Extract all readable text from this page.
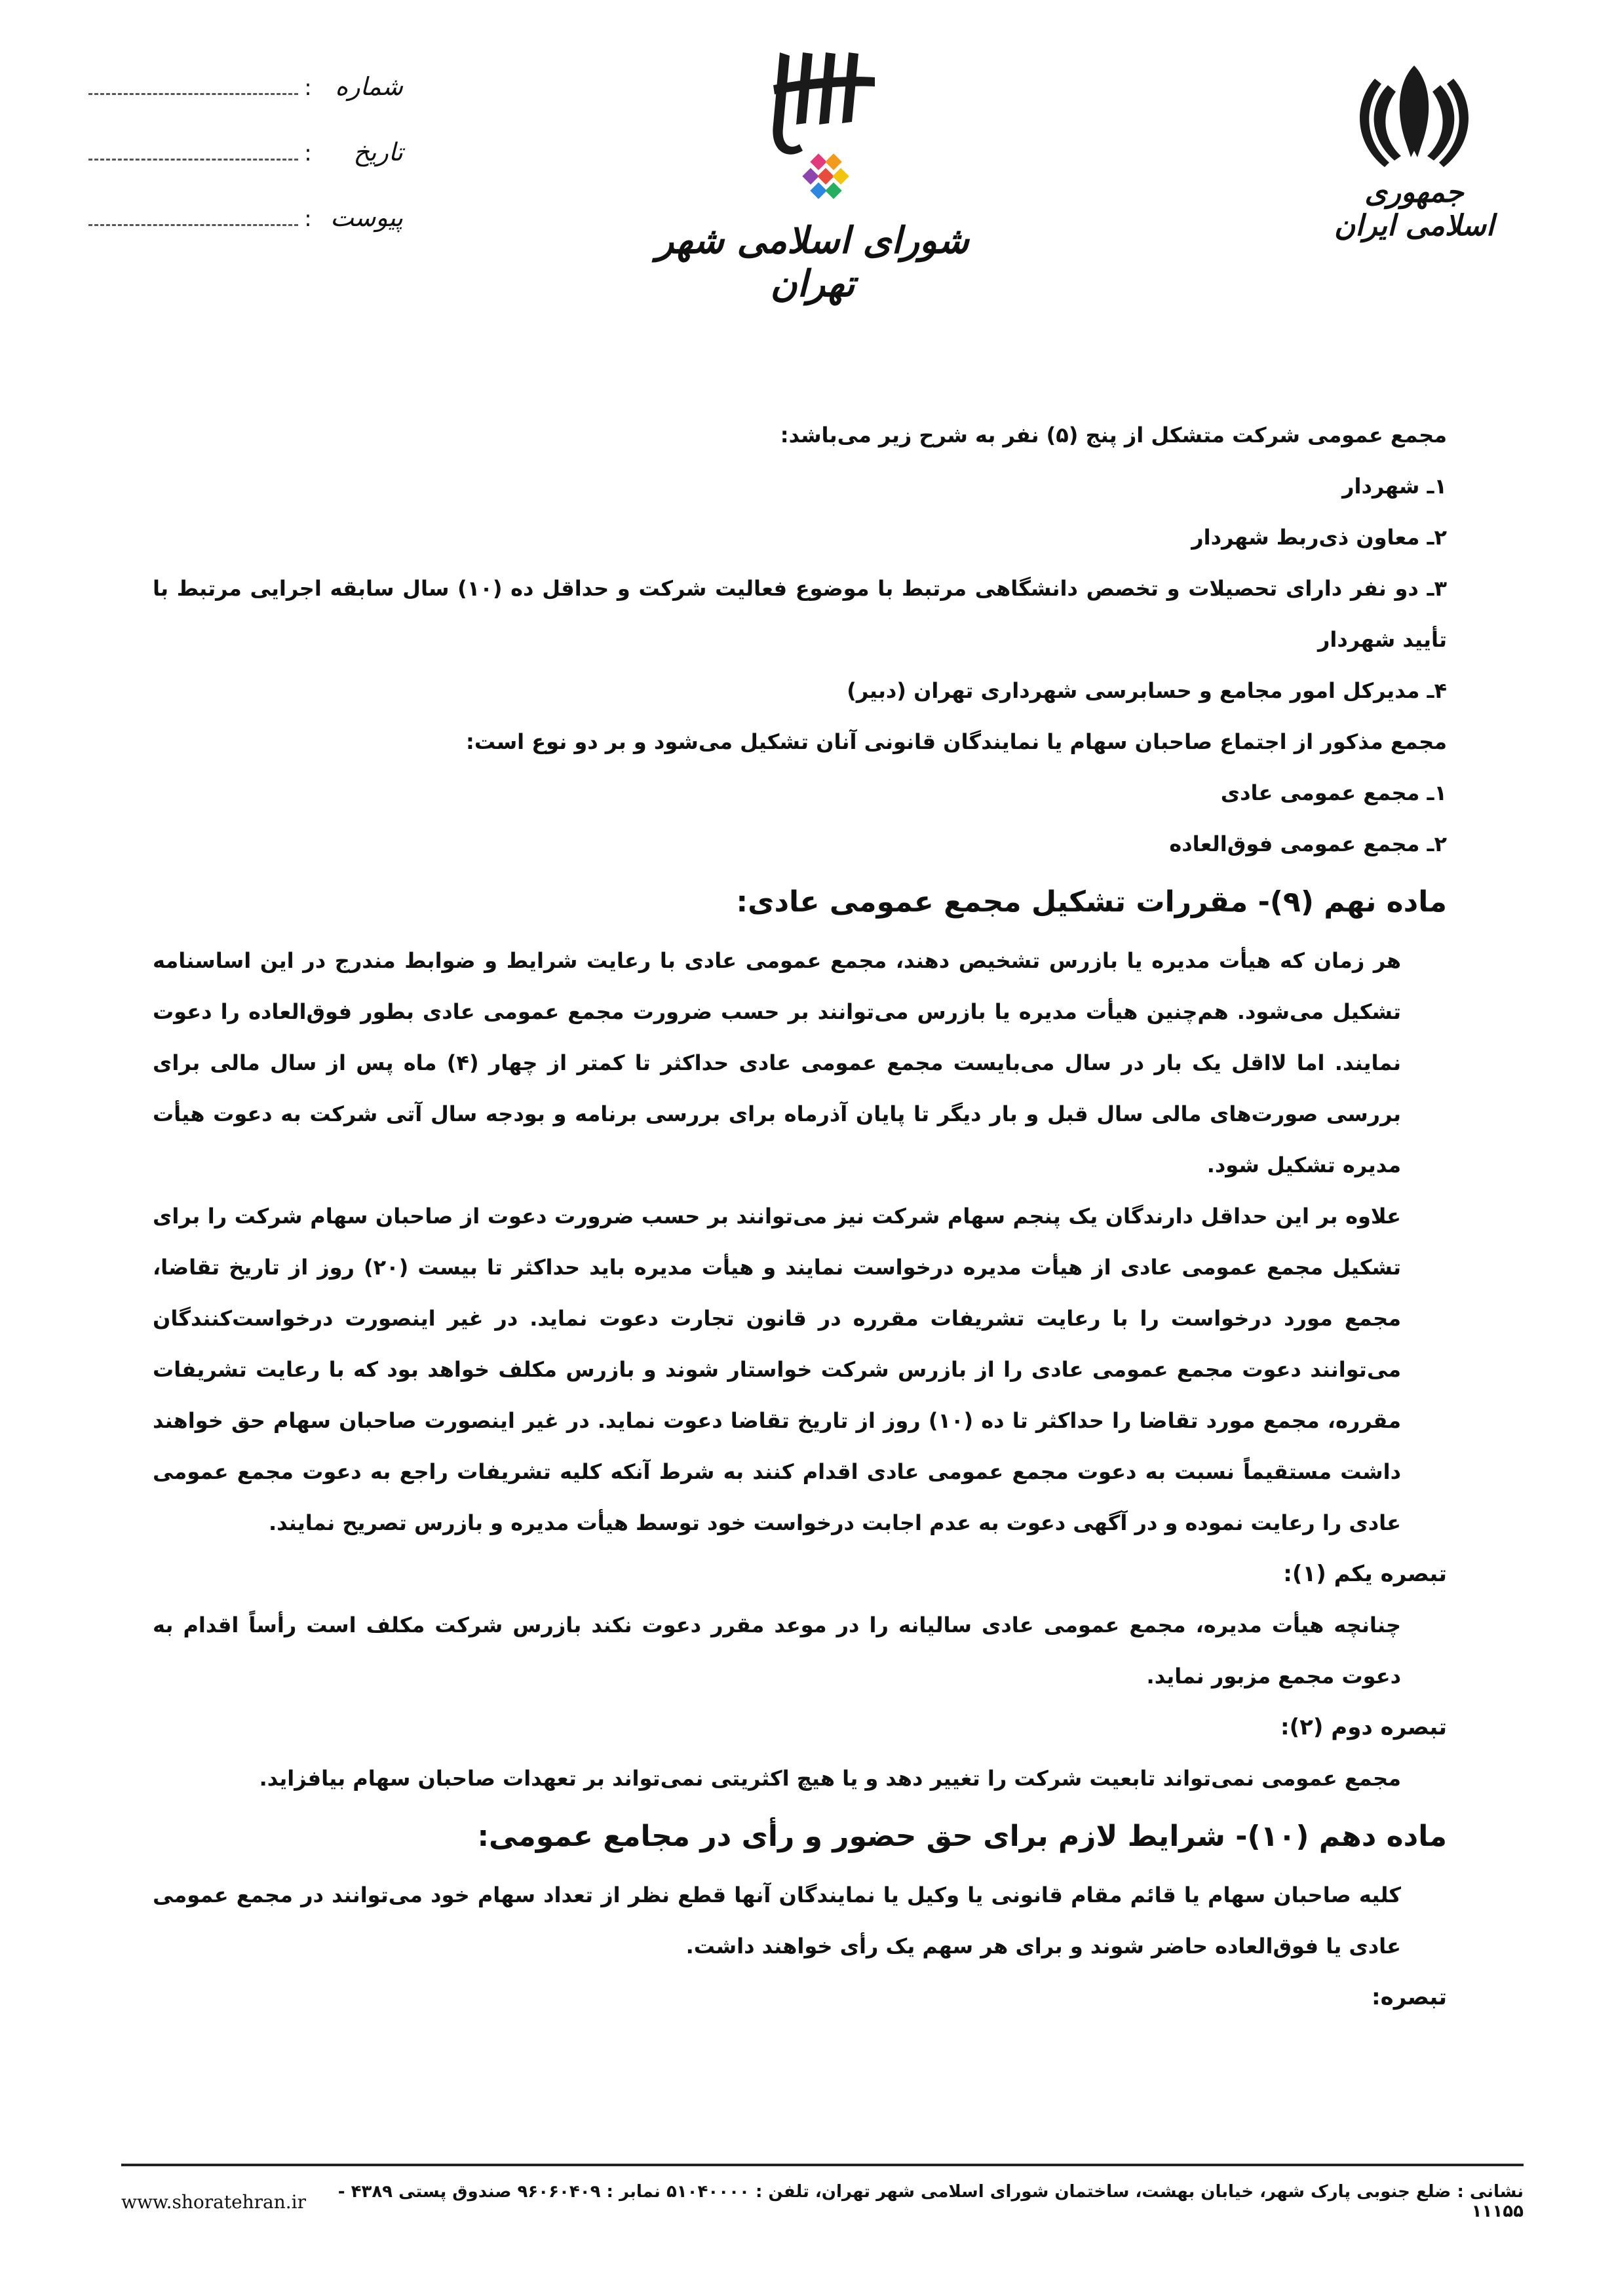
جمهوری اسلامی ایران
شورای اسلامی شهر تهران
شماره
:
تاریخ
:
پیوست
:

مجمع عمومی شرکت متشکل از پنج (۵) نفر به شرح زیر می‌باشد:

۱ـ شهردار

۲ـ معاون ذی‌ربط شهردار

۳ـ دو نفر دارای تحصیلات و تخصص دانشگاهی مرتبط با موضوع فعالیت شرکت و حداقل ده (۱۰) سال سابقه اجرایی مرتبط با تأیید شهردار

۴ـ مدیرکل امور مجامع و حسابرسی شهرداری تهران (دبیر)

مجمع مذکور از اجتماع صاحبان سهام یا نمایندگان قانونی آنان تشکیل می‌شود و بر دو نوع است:

۱ـ مجمع عمومی عادی

۲ـ مجمع عمومی فوق‌العاده

ماده نهم (۹)- مقررات تشکیل مجمع عمومی عادی:

هر زمان که هیأت مدیره یا بازرس تشخیص دهند، مجمع عمومی عادی با رعایت شرایط و ضوابط مندرج در این اساسنامه تشکیل می‌شود. هم‌چنین هیأت مدیره یا بازرس می‌توانند بر حسب ضرورت مجمع عمومی عادی بطور فوق‌العاده را دعوت نمایند. اما لااقل یک بار در سال می‌بایست مجمع عمومی عادی حداکثر تا کمتر از چهار (۴) ماه پس از سال مالی برای بررسی صورت‌های مالی سال قبل و بار دیگر تا پایان آذرماه برای بررسی برنامه و بودجه سال آتی شرکت به دعوت هیأت مدیره تشکیل شود.

علاوه بر این حداقل دارندگان یک پنجم سهام شرکت نیز می‌توانند بر حسب ضرورت دعوت از صاحبان سهام شرکت را برای تشکیل مجمع عمومی عادی از هیأت مدیره درخواست نمایند و هیأت مدیره باید حداکثر تا بیست (۲۰) روز از تاریخ تقاضا، مجمع مورد درخواست را با رعایت تشریفات مقرره در قانون تجارت دعوت نماید. در غیر اینصورت درخواست‌کنندگان می‌توانند دعوت مجمع عمومی عادی را از بازرس شرکت خواستار شوند و بازرس مکلف خواهد بود که با رعایت تشریفات مقرره، مجمع مورد تقاضا را حداکثر تا ده (۱۰) روز از تاریخ تقاضا دعوت نماید. در غیر اینصورت صاحبان سهام حق خواهند داشت مستقیماً نسبت به دعوت مجمع عمومی عادی اقدام کنند به شرط آنکه کلیه تشریفات راجع به دعوت مجمع عمومی عادی را رعایت نموده و در آگهی دعوت به عدم اجابت درخواست خود توسط هیأت مدیره و بازرس تصریح نمایند.

تبصره یکم (۱):

چنانچه هیأت مدیره، مجمع عمومی عادی سالیانه را در موعد مقرر دعوت نکند بازرس شرکت مکلف است رأساً اقدام به دعوت مجمع مزبور نماید.

تبصره دوم (۲):

مجمع عمومی نمی‌تواند تابعیت شرکت را تغییر دهد و یا هیچ اکثریتی نمی‌تواند بر تعهدات صاحبان سهام بیافزاید.

ماده دهم (۱۰)- شرایط لازم برای حق حضور و رأی در مجامع عمومی:

کلیه صاحبان سهام یا قائم مقام قانونی یا وکیل یا نمایندگان آنها قطع نظر از تعداد سهام خود می‌توانند در مجمع عمومی عادی یا فوق‌العاده حاضر شوند و برای هر سهم یک رأی خواهند داشت.

تبصره:

نشانی : ضلع جنوبی پارک شهر، خیابان بهشت، ساختمان شورای اسلامی شهر تهران، تلفن : ۵۱۰۴۰۰۰۰ نمابر : ۹۶۰۶۰۴۰۹ صندوق پستی ۴۳۸۹ - ۱۱۱۵۵
www.shoratehran.ir
